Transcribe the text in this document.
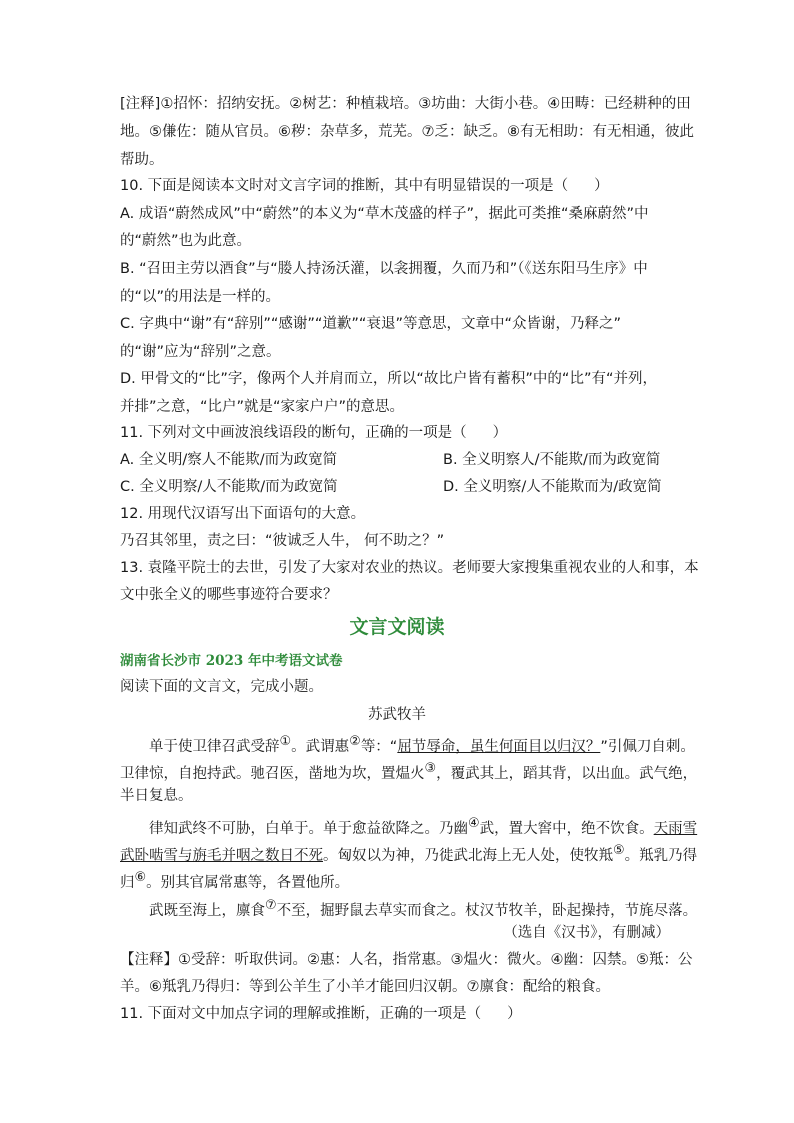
[注释]①招怀：招纳安抚。②树艺：种植栽培。③坊曲：大街小巷。④田畴：已经耕种的田
地。⑤傔佐：随从官员。⑥秽：杂草多，荒芜。⑦乏：缺乏。⑧有无相助：有无相通，彼此
帮助。
10. 下面是阅读本文时对文言字词的推断，其中有明显错误的一项是（ ）
A. 成语“蔚然成风”中“蔚然”的本义为“草木茂盛的样子”，据此可类推“桑麻蔚然”中
的“蔚然”也为此意。
B. “召田主劳以酒食”与“媵人持汤沃灌，以衾拥覆，久而乃和”（《送东阳马生序》中
的“以”的用法是一样的。
C. 字典中“谢”有“辞别”“感谢”“道歉”“衰退”等意思，文章中“众皆谢，乃释之”
的“谢”应为“辞别”之意。
D. 甲骨文的“比”字，像两个人并肩而立，所以“故比户皆有蓄积”中的“比”有“并列，
并排”之意，“比户”就是“家家户户”的意思。
11. 下列对文中画波浪线语段的断句，正确的一项是（ ）
A. 全义明/察人不能欺/而为政宽简	B. 全义明察人/不能欺/而为政宽简
C. 全义明察/人不能欺/而为政宽简	D. 全义明察/人不能欺而为/政宽简
12. 用现代汉语写出下面语句的大意。
乃召其邻里，责之曰：“彼诚乏人牛， 何不助之？”
13. 袁隆平院士的去世，引发了大家对农业的热议。老师要大家搜集重视农业的人和事，本
文中张全义的哪些事迹符合要求？
文言文阅读
湖南省长沙市 2023 年中考语文试卷
阅读下面的文言文，完成小题。
苏武牧羊
单于使卫律召武受辞①。武谓惠②等：“屈节辱命，虽生何面目以归汉？”引佩刀自刺。
卫律惊，自抱持武。驰召医，凿地为坎，置煴火③，覆武其上，蹈其背，以出血。武气绝，
半日复息。
律知武终不可胁，白单于。单于愈益欲降之。乃幽④武，置大窖中，绝不饮食。天雨雪
武卧啮雪与旃毛并咽之数日不死。匈奴以为神，乃徙武北海上无人处，使牧羝⑤。羝乳乃得
归⑥。别其官属常惠等，各置他所。
武既至海上，廪食⑦不至，掘野鼠去草实而食之。杖汉节牧羊，卧起操持，节旄尽落。
（选自《汉书》，有删减）
【注释】①受辞：听取供词。②惠：人名，指常惠。③煴火：微火。④幽：囚禁。⑤羝：公
羊。⑥羝乳乃得归：等到公羊生了小羊才能回归汉朝。⑦廪食：配给的粮食。
11. 下面对文中加点字词的理解或推断，正确的一项是（ ）
